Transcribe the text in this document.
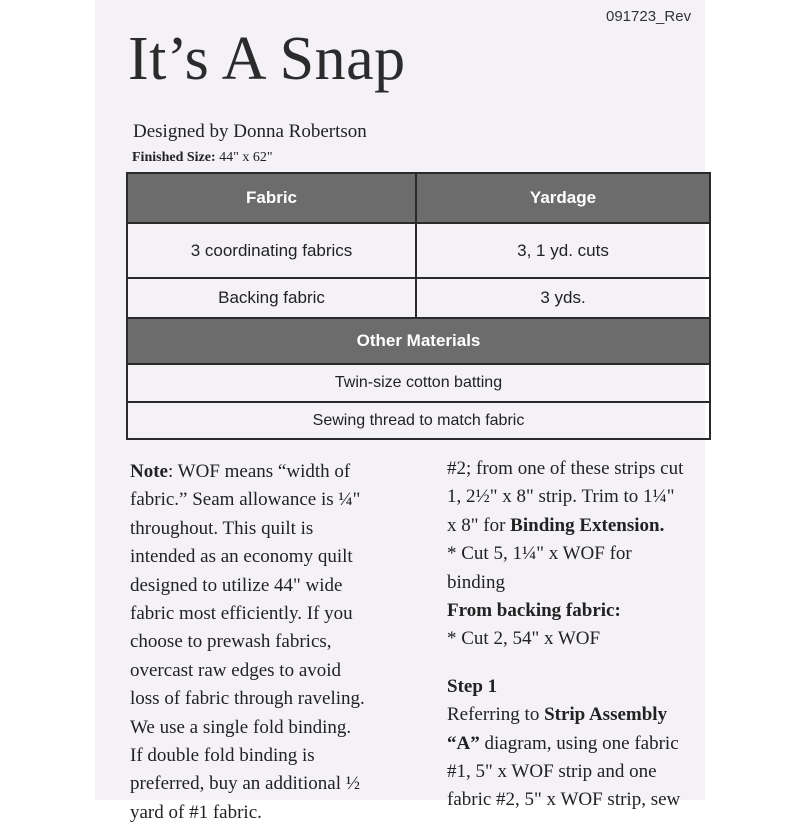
091723_Rev
It’s A Snap
Designed by Donna Robertson
Finished Size: 44" x 62"
Fabric	Yardage
3 coordinating fabrics	3, 1 yd. cuts
Backing fabric	3 yds.
Other Materials
Twin-size cotton batting
Sewing thread to match fabric
Note: WOF means “width of
fabric.” Seam allowance is ¼"
throughout. This quilt is
intended as an economy quilt
designed to utilize 44" wide
fabric most efficiently. If you
choose to prewash fabrics,
overcast raw edges to avoid
loss of fabric through raveling.
We use a single fold binding.
If double fold binding is
preferred, buy an additional ½
yard of #1 fabric.
#2; from one of these strips cut
1, 2½" x 8" strip. Trim to 1¼"
x 8" for Binding Extension.
* Cut 5, 1¼" x WOF for
binding
From backing fabric:
* Cut 2, 54" x WOF
Step 1
Referring to Strip Assembly
“A” diagram, using one fabric
#1, 5" x WOF strip and one
fabric #2, 5" x WOF strip, sew
